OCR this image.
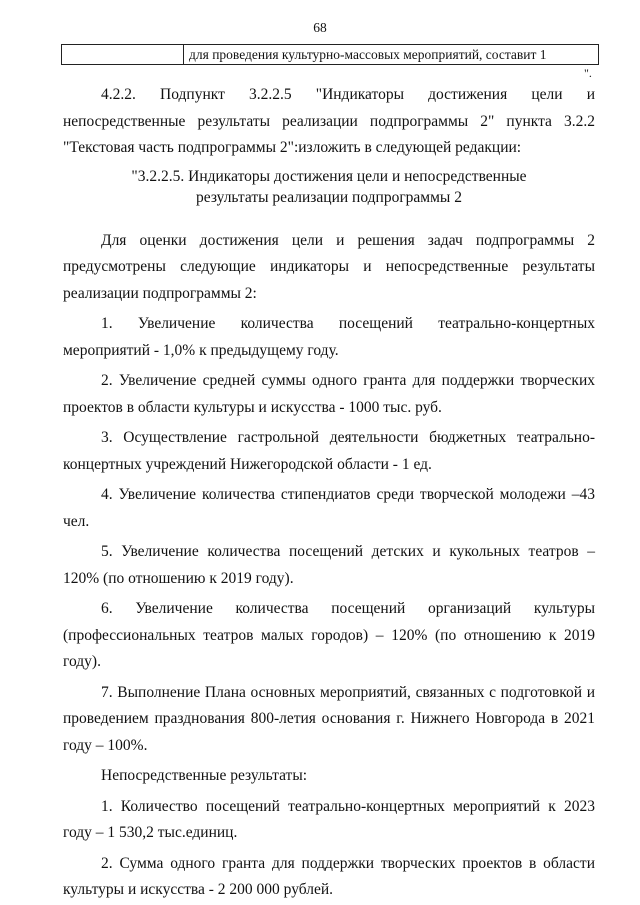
68
для проведения культурно-массовых мероприятий, составит 1
".

4.2.2. Подпункт 3.2.2.5 "Индикаторы достижения цели и непосредственные результаты реализации подпрограммы 2" пункта 3.2.2 "Текстовая часть подпрограммы 2":изложить в следующей редакции:

"3.2.2.5. Индикаторы достижения цели и непосредственные
результаты реализации подпрограммы 2

Для оценки достижения цели и решения задач подпрограммы 2 предусмотрены следующие индикаторы и непосредственные результаты реализации подпрограммы 2:

1. Увеличение количества посещений театрально-концертных мероприятий - 1,0% к предыдущему году.

2. Увеличение средней суммы одного гранта для поддержки творческих проектов в области культуры и искусства - 1000 тыс. руб.

3. Осуществление гастрольной деятельности бюджетных театрально-концертных учреждений Нижегородской области - 1 ед.

4. Увеличение количества стипендиатов среди творческой молодежи –43 чел.

5. Увеличение количества посещений детских и кукольных театров – 120% (по отношению к 2019 году).

6. Увеличение количества посещений организаций культуры (профессиональных театров малых городов) – 120% (по отношению к 2019 году).

7. Выполнение Плана основных мероприятий, связанных с подготовкой и проведением празднования 800-летия основания г. Нижнего Новгорода в 2021 году – 100%.

Непосредственные результаты:

1. Количество посещений театрально-концертных мероприятий к 2023 году – 1 530,2 тыс.единиц.

2. Сумма одного гранта для поддержки творческих проектов в области культуры и искусства - 2 200 000 рублей.
